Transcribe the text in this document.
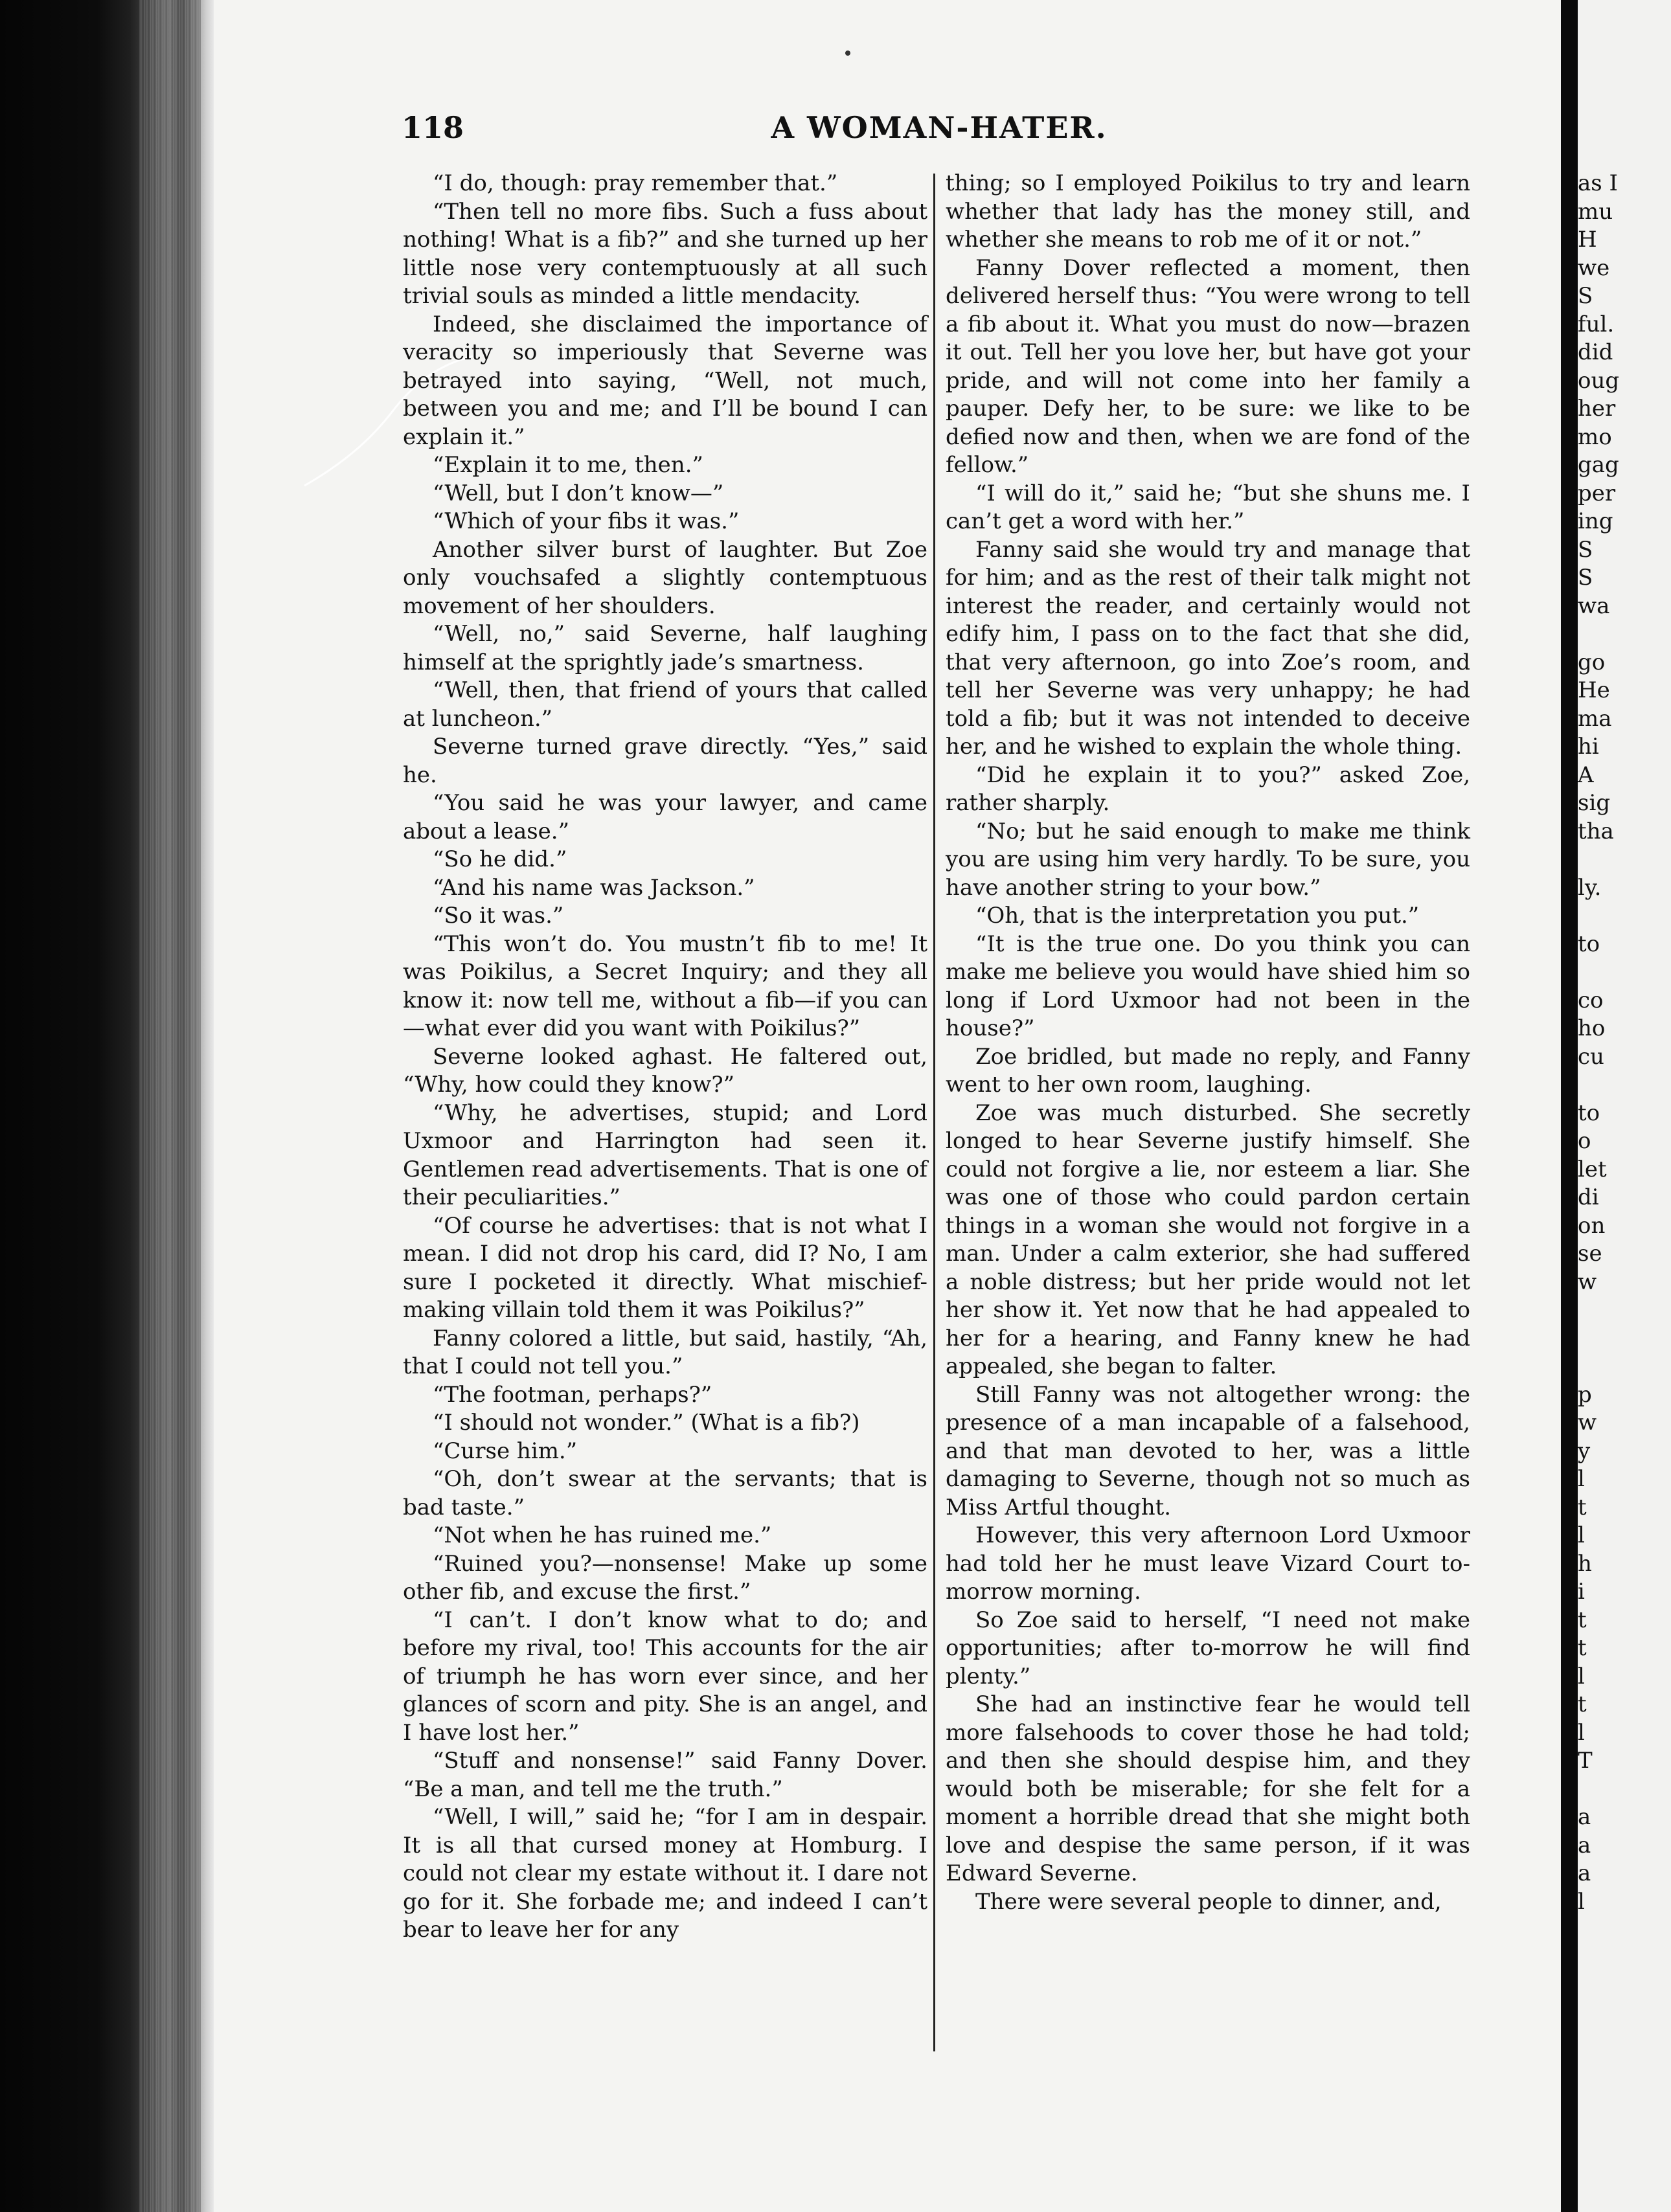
118	A WOMAN-HATER.

“I do, though: pray remember that.”

“Then tell no more fibs. Such a fuss about nothing! What is a fib?” and she turned up her little nose very contemptuously at all such trivial souls as minded a little mendacity.

Indeed, she disclaimed the importance of veracity so imperiously that Severne was betrayed into saying, “Well, not much, between you and me; and I’ll be bound I can explain it.”

“Explain it to me, then.”

“Well, but I don’t know—”

“Which of your fibs it was.”

Another silver burst of laughter. But Zoe only vouchsafed a slightly contemptuous movement of her shoulders.

“Well, no,” said Severne, half laughing himself at the sprightly jade’s smartness.

“Well, then, that friend of yours that called at luncheon.”

Severne turned grave directly. “Yes,” said he.

“You said he was your lawyer, and came about a lease.”

“So he did.”

“And his name was Jackson.”

“So it was.”

“This won’t do. You mustn’t fib to me! It was Poikilus, a Secret Inquiry; and they all know it: now tell me, without a fib—if you can—what ever did you want with Poikilus?”

Severne looked aghast. He faltered out, “Why, how could they know?”

“Why, he advertises, stupid; and Lord Uxmoor and Harrington had seen it. Gentlemen read advertisements. That is one of their peculiarities.”

“Of course he advertises: that is not what I mean. I did not drop his card, did I? No, I am sure I pocketed it directly. What mischief-making villain told them it was Poikilus?”

Fanny colored a little, but said, hastily, “Ah, that I could not tell you.”

“The footman, perhaps?”

“I should not wonder.” (What is a fib?)

“Curse him.”

“Oh, don’t swear at the servants; that is bad taste.”

“Not when he has ruined me.”

“Ruined you?—nonsense! Make up some other fib, and excuse the first.”

“I can’t. I don’t know what to do; and before my rival, too! This accounts for the air of triumph he has worn ever since, and her glances of scorn and pity. She is an angel, and I have lost her.”

“Stuff and nonsense!” said Fanny Dover. “Be a man, and tell me the truth.”

“Well, I will,” said he; “for I am in despair. It is all that cursed money at Homburg. I could not clear my estate without it. I dare not go for it. She forbade me; and indeed I can’t bear to leave her for any

thing; so I employed Poikilus to try and learn whether that lady has the money still, and whether she means to rob me of it or not.”

Fanny Dover reflected a moment, then delivered herself thus: “You were wrong to tell a fib about it. What you must do now—brazen it out. Tell her you love her, but have got your pride, and will not come into her family a pauper. Defy her, to be sure: we like to be defied now and then, when we are fond of the fellow.”

“I will do it,” said he; “but she shuns me. I can’t get a word with her.”

Fanny said she would try and manage that for him; and as the rest of their talk might not interest the reader, and certainly would not edify him, I pass on to the fact that she did, that very afternoon, go into Zoe’s room, and tell her Severne was very unhappy; he had told a fib; but it was not intended to deceive her, and he wished to explain the whole thing.

“Did he explain it to you?” asked Zoe, rather sharply.

“No; but he said enough to make me think you are using him very hardly. To be sure, you have another string to your bow.”

“Oh, that is the interpretation you put.”

“It is the true one. Do you think you can make me believe you would have shied him so long if Lord Uxmoor had not been in the house?”

Zoe bridled, but made no reply, and Fanny went to her own room, laughing.

Zoe was much disturbed. She secretly longed to hear Severne justify himself. She could not forgive a lie, nor esteem a liar. She was one of those who could pardon certain things in a woman she would not forgive in a man. Under a calm exterior, she had suffered a noble distress; but her pride would not let her show it. Yet now that he had appealed to her for a hearing, and Fanny knew he had appealed, she began to falter.

Still Fanny was not altogether wrong: the presence of a man incapable of a falsehood, and that man devoted to her, was a little damaging to Severne, though not so much as Miss Artful thought.

However, this very afternoon Lord Uxmoor had told her he must leave Vizard Court to-morrow morning.

So Zoe said to herself, “I need not make opportunities; after to-morrow he will find plenty.”

She had an instinctive fear he would tell more falsehoods to cover those he had told; and then she should despise him, and they would both be miserable; for she felt for a moment a horrible dread that she might both love and despise the same person, if it was Edward Severne.

There were several people to dinner, and,

as I
mu
H
we
S
ful.
did
oug
her
mo
gag
per
ing
S
S
wa

go
He
ma
hi
A
sig
tha

ly.

to

co
ho
cu

to
o
let
di
on
se
w

p
w
y
l
t
l
h
i
t
t
l
t
l
T

a
a
a
l
